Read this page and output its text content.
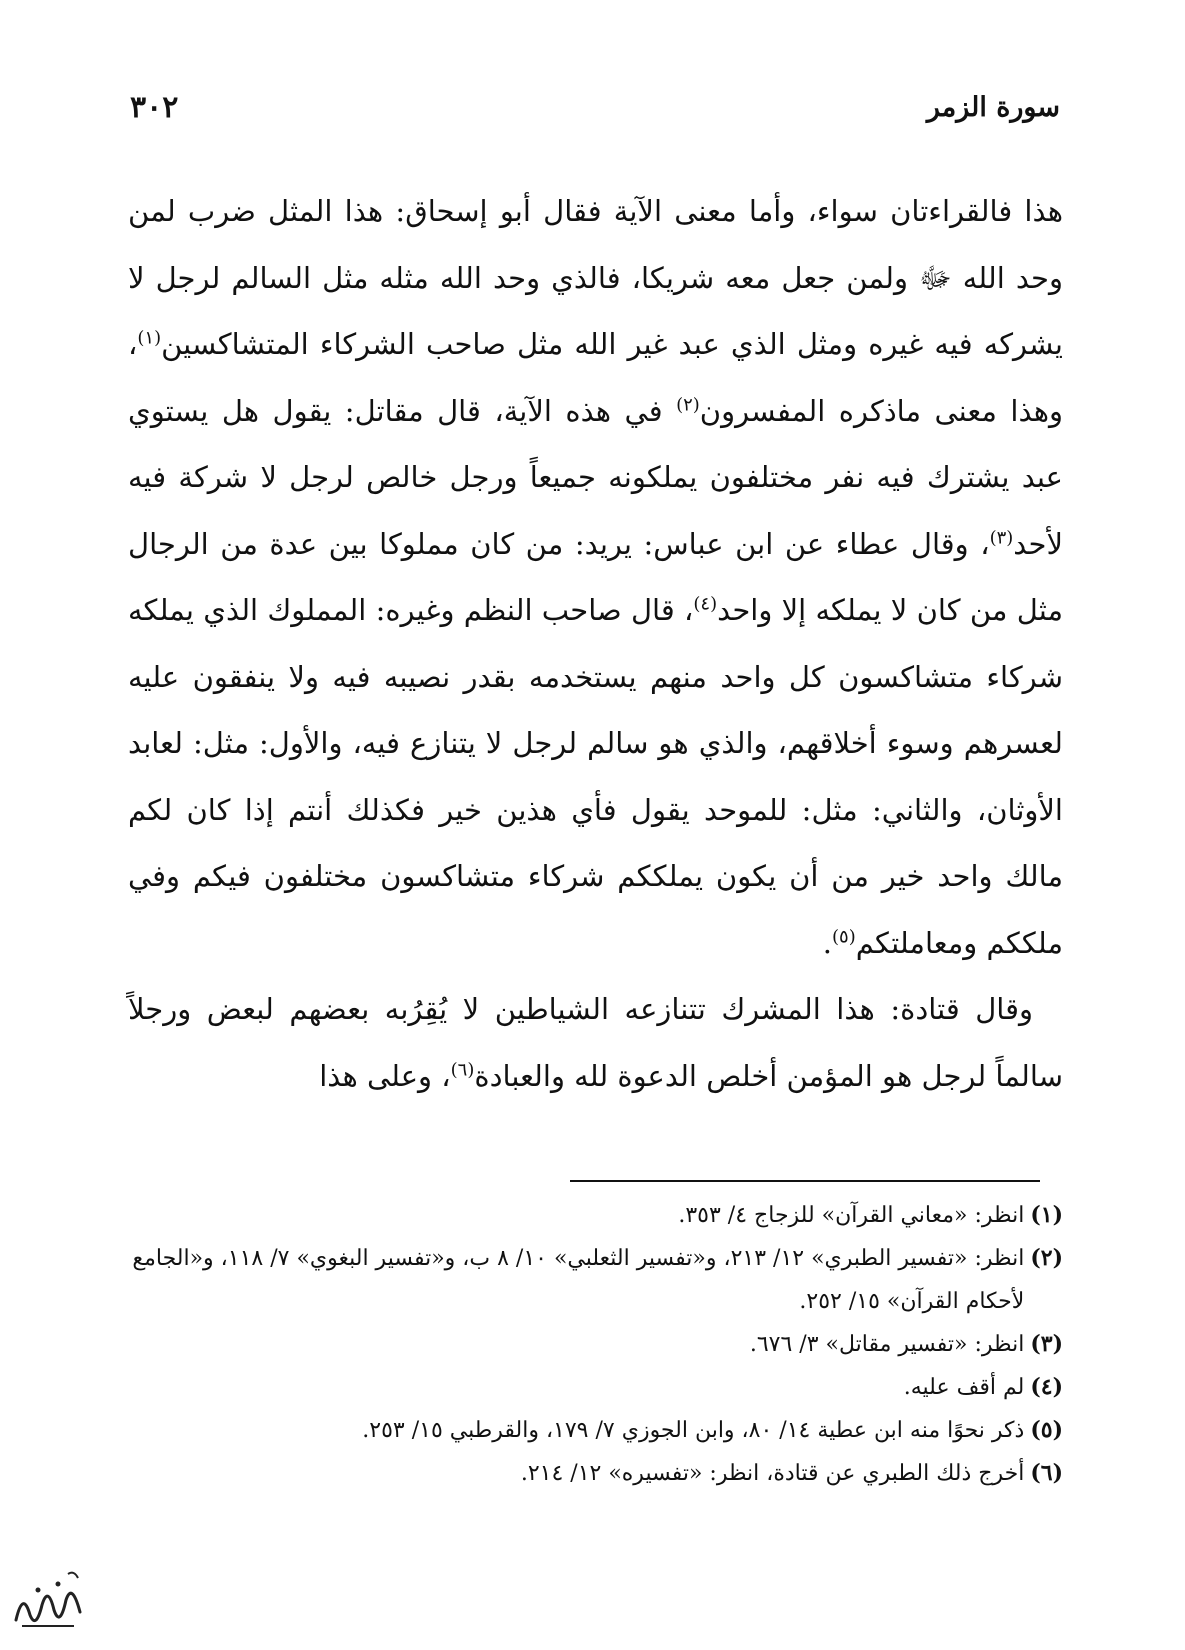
سورة الزمر
٣٠٢

هذا فالقراءتان سواء، وأما معنى الآية فقال أبو إسحاق: هذا المثل ضرب لمن وحد الله ﷻ ولمن جعل معه شريكا، فالذي وحد الله مثله مثل السالم لرجل لا يشركه فيه غيره ومثل الذي عبد غير الله مثل صاحب الشركاء المتشاكسين$^{(١)}$، وهذا معنى ماذكره المفسرون$^{(٢)}$ في هذه الآية، قال مقاتل: يقول هل يستوي عبد يشترك فيه نفر مختلفون يملكونه جميعاً ورجل خالص لرجل لا شركة فيه لأحد$^{(٣)}$، وقال عطاء عن ابن عباس: يريد: من كان مملوكا بين عدة من الرجال مثل من كان لا يملكه إلا واحد$^{(٤)}$، قال صاحب النظم وغيره: المملوك الذي يملكه شركاء متشاكسون كل واحد منهم يستخدمه بقدر نصيبه فيه ولا ينفقون عليه لعسرهم وسوء أخلاقهم، والذي هو سالم لرجل لا يتنازع فيه، والأول: مثل: لعابد الأوثان، والثاني: مثل: للموحد يقول فأي هذين خير فكذلك أنتم إذا كان لكم مالك واحد خير من أن يكون يملككم شركاء متشاكسون مختلفون فيكم وفي ملككم ومعاملتكم$^{(٥)}$.

وقال قتادة: هذا المشرك تتنازعه الشياطين لا يُقِرُبه بعضهم لبعض ورجلاً سالماً لرجل هو المؤمن أخلص الدعوة لله والعبادة$^{(٦)}$، وعلى هذا

(١)
انظر: «معاني القرآن» للزجاج ٤/ ٣٥٣.
(٢)
انظر: «تفسير الطبري» ١٢/ ٢١٣، و«تفسير الثعلبي» ١٠/ ٨ ب، و«تفسير البغوي» ٧/ ١١٨، و«الجامع لأحكام القرآن» ١٥/ ٢٥٢.
(٣)
انظر: «تفسير مقاتل» ٣/ ٦٧٦.
(٤)
لم أقف عليه.
(٥)
ذكر نحوًا منه ابن عطية ١٤/ ٨٠، وابن الجوزي ٧/ ١٧٩، والقرطبي ١٥/ ٢٥٣.
(٦)
أخرج ذلك الطبري عن قتادة، انظر: «تفسيره» ١٢/ ٢١٤.
